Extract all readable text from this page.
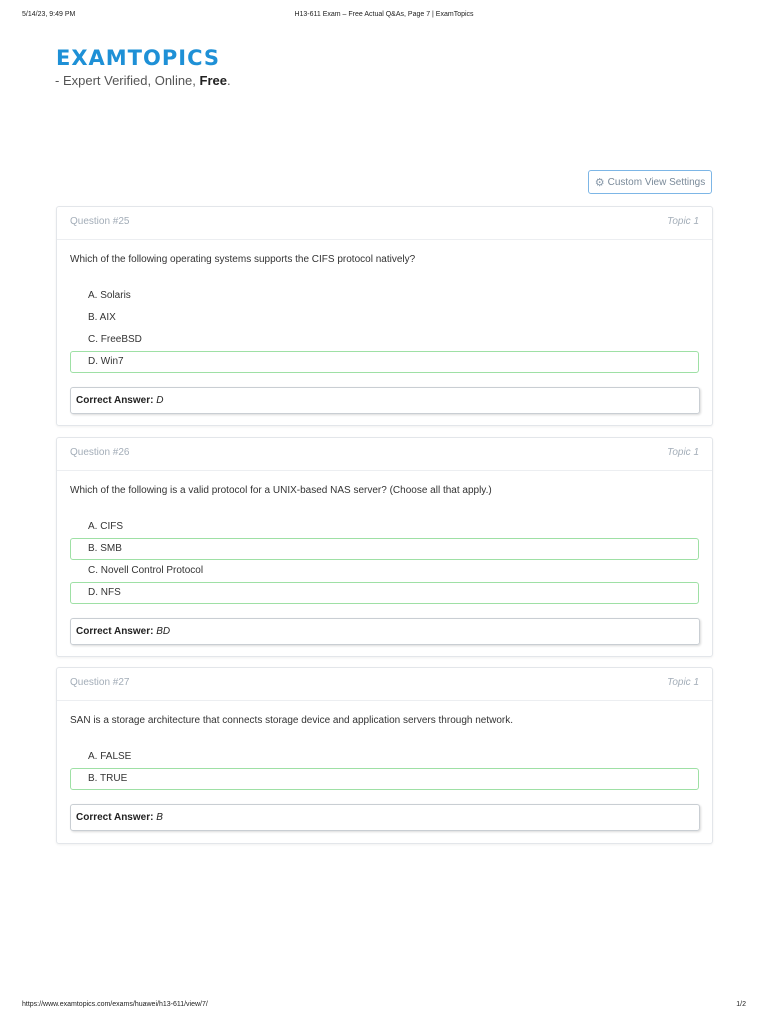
5/14/23, 9:49 PM	H13-611 Exam – Free Actual Q&As, Page 7 | ExamTopics
EXAMTOPICS
- Expert Verified, Online, Free.
⚙ Custom View Settings
Question #25	Topic 1
Which of the following operating systems supports the CIFS protocol natively?
A. Solaris
B. AIX
C. FreeBSD
D. Win7
Correct Answer: D
Question #26	Topic 1
Which of the following is a valid protocol for a UNIX-based NAS server? (Choose all that apply.)
A. CIFS
B. SMB
C. Novell Control Protocol
D. NFS
Correct Answer: BD
Question #27	Topic 1
SAN is a storage architecture that connects storage device and application servers through network.
A. FALSE
B. TRUE
Correct Answer: B
https://www.examtopics.com/exams/huawei/h13-611/view/7/	1/2
